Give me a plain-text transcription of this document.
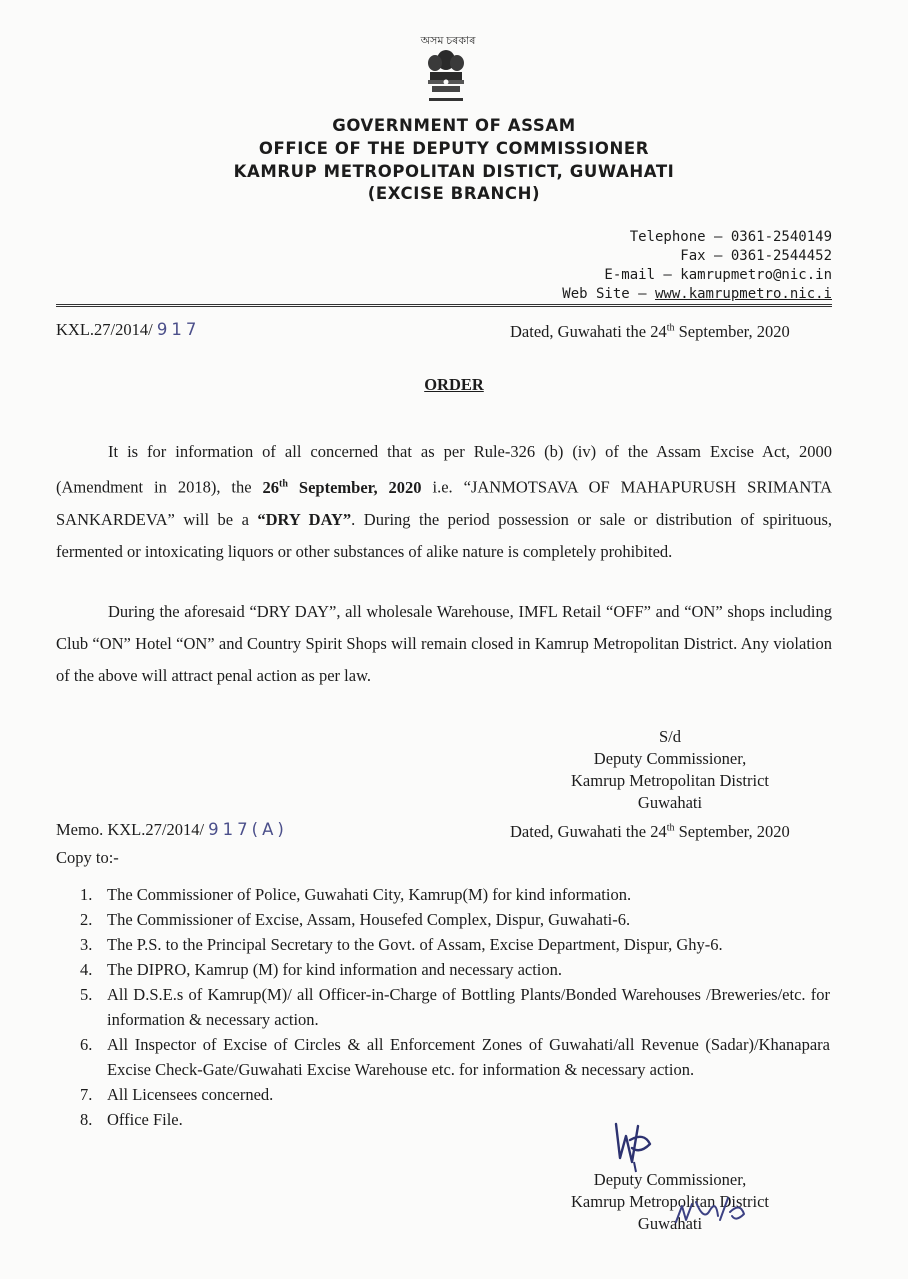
অসম চৰকাৰ
GOVERNMENT OF ASSAM
OFFICE OF THE DEPUTY COMMISSIONER
KAMRUP METROPOLITAN DISTICT, GUWAHATI
(EXCISE BRANCH)
Telephone – 0361-2540149
Fax – 0361-2544452
E-mail – kamrupmetro@nic.in
Web Site – www.kamrupmetro.nic.i
KXL.27/2014/ 917	Dated, Guwahati the 24th September, 2020
ORDER
It is for information of all concerned that as per Rule-326 (b) (iv) of the Assam Excise Act, 2000 (Amendment in 2018), the 26th September, 2020 i.e. “JANMOTSAVA OF MAHAPURUSH SRIMANTA SANKARDEVA” will be a “DRY DAY”. During the period possession or sale or distribution of spirituous, fermented or intoxicating liquors or other substances of alike nature is completely prohibited.
During the aforesaid “DRY DAY”, all wholesale Warehouse, IMFL Retail “OFF” and “ON” shops including Club “ON” Hotel “ON” and Country Spirit Shops will remain closed in Kamrup Metropolitan District. Any violation of the above will attract penal action as per law.
S/d
Deputy Commissioner,
Kamrup Metropolitan District
Guwahati
Memo. KXL.27/2014/ 917(A)	Dated, Guwahati the 24th September, 2020
Copy to:-
1. The Commissioner of Police, Guwahati City, Kamrup(M) for kind information.
2. The Commissioner of Excise, Assam, Housefed Complex, Dispur, Guwahati-6.
3. The P.S. to the Principal Secretary to the Govt. of Assam, Excise Department, Dispur, Ghy-6.
4. The DIPRO, Kamrup (M) for kind information and necessary action.
5. All D.S.E.s of Kamrup(M)/ all Officer-in-Charge of Bottling Plants/Bonded Warehouses /Breweries/etc. for information & necessary action.
6. All Inspector of Excise of Circles & all Enforcement Zones of Guwahati/all Revenue (Sadar)/Khanapara Excise Check-Gate/Guwahati Excise Warehouse etc. for information & necessary action.
7. All Licensees concerned.
8. Office File.
Deputy Commissioner,
Kamrup Metropolitan District
Guwahati
